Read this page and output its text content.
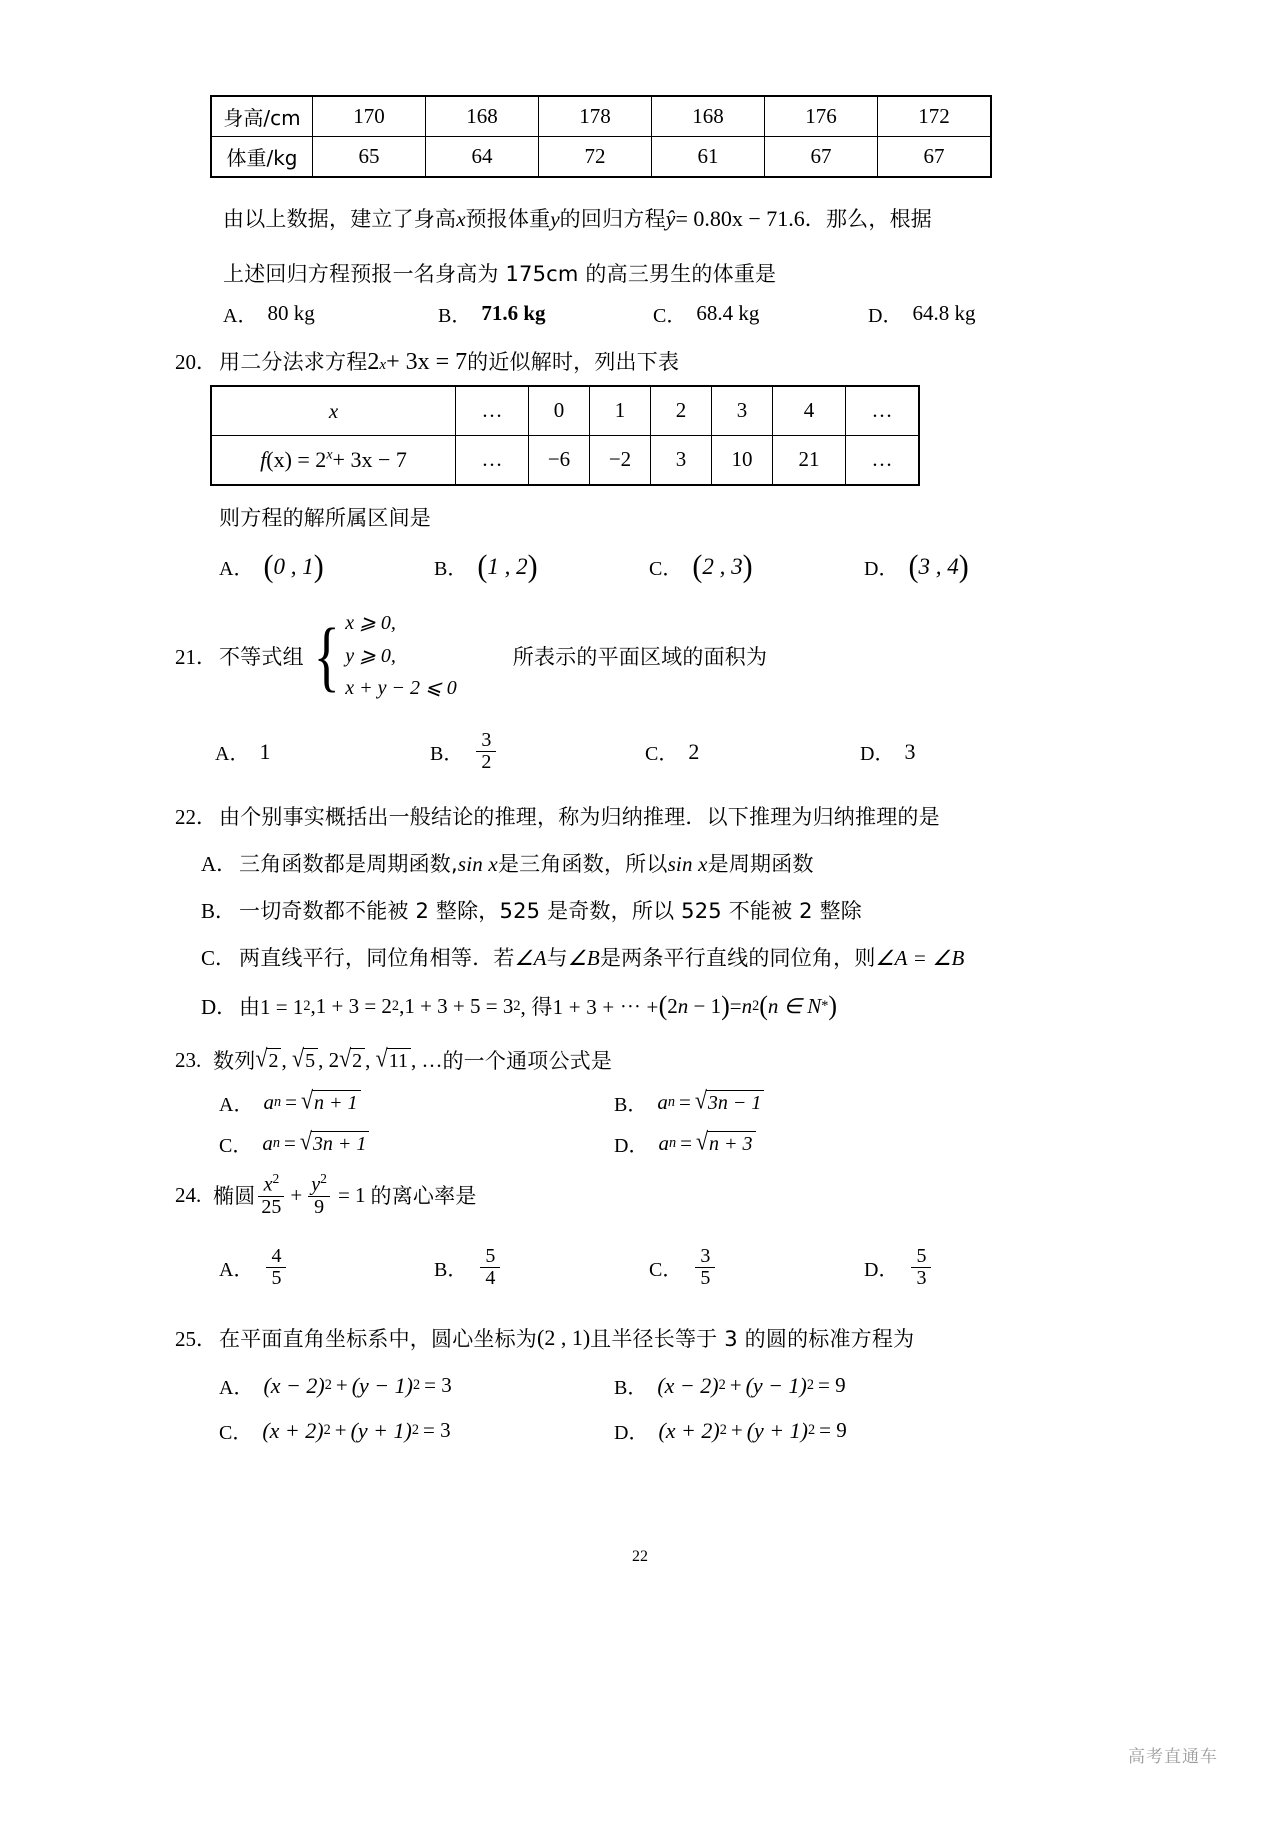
身高/cm	170	168	178	168	176	172
体重/kg	65	64	72	61	67	67
由以上数据，建立了身高x预报体重y的回归方程ŷ= 0.80x − 71.6．那么，根据
上述回归方程预报一名身高为 175cm 的高三男生的体重是
A． 80 kg	B． 71.6 kg	C． 68.4 kg	D． 64.8 kg
20． 用二分法求方程 2 x + 3x = 7 的近似解时，列出下表
x	…	0	1	2	3	4	…
$f(x) = 2^x+ 3x - 7$	…	−6	−2	3	10	21	…
则方程的解所属区间是
A． ( 0 , 1 )	B． ( 1 , 2 )	C． ( 2 , 3 )	D． ( 3 , 4 )
21． 不等式组 { x ⩾ 0,
y ⩾ 0,
x + y − 2 ⩽ 0
所表示的平面区域的面积为
A． 1	B． $\frac{3}{2}$	C． 2	D． 3
22． 由个别事实概括出一般结论的推理，称为归纳推理．以下推理为归纳推理的是
A． 三角函数都是周期函数,sin x是三角函数，所以sin x是周期函数
B． 一切奇数都不能被 2 整除，525 是奇数，所以 525 不能被 2 整除
C． 两直线平行，同位角相等．若∠A与∠B是两条平行直线的同位角，则∠A = ∠B
D． 由1 = 1 2 ,1 + 3 = 2 2 ,1 + 3 + 5 = 3 2 , 得1 + 3 + ⋯ + ( 2n − 1 ) = n 2 ( n ∈ N * )
23. 数列 √ 2 ,
√ 5 ,
2 √ 2 ,
√ 11 ,
… 的一个通项公式是
A． a n = √ n + 1	B． a n = √ 3n − 1
C． a n = √ 3n + 1	D． a n = √ n + 3
24. 椭圆 $\frac{x^2}{25} + \frac{y^2}{9} = 1$ 的离心率是
A． $\frac{4}{5}$	B． $\frac{5}{4}$	C． $\frac{3}{5}$	D． $\frac{5}{3}$
25． 在平面直角坐标系中，圆心坐标为 (2 , 1) 且半径长等于 3 的圆的标准方程为
A． (x − 2) 2 + (y − 1) 2 = 3	B． (x − 2) 2 + (y − 1) 2 = 9
C． (x + 2) 2 + (y + 1) 2 = 3	D． (x + 2) 2 + (y + 1) 2 = 9
22
高考直通车
